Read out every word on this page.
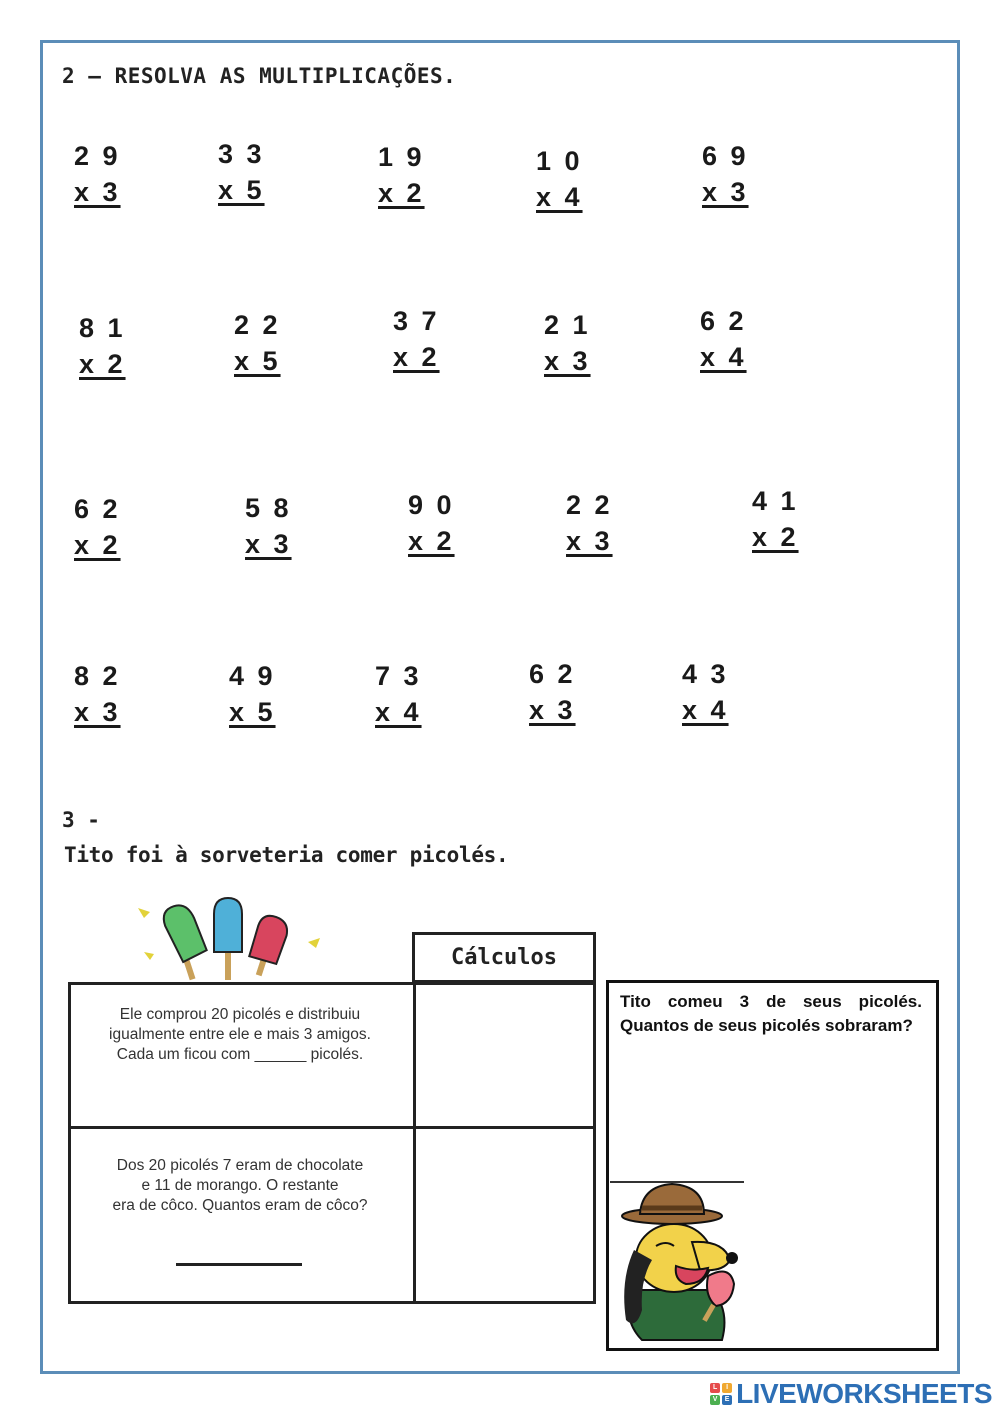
2 – RESOLVA AS MULTIPLICAÇÕES.
2 9
x 3
3 3
x 5
1 9
x 2
1 0
x 4
6 9
x 3
8 1
x 2
2 2
x 5
3 7
x 2
2 1
x 3
6 2
x 4
6 2
x 2
5 8
x 3
9 0
x 2
2 2
x 3
4 1
x 2
8 2
x 3
4 9
x 5
7 3
x 4
6 2
x 3
4 3
x 4
3 -
Tito foi à sorveteria comer picolés.
Cálculos
Ele comprou 20 picolés e distribuiu
igualmente entre ele e mais 3 amigos.
Cada um ficou com ______ picolés.
Dos 20 picolés 7 eram de chocolate
e 11 de morango. O restante
era de côco. Quantos eram de côco?
Tito comeu 3 de seus picolés. Quantos de seus picolés sobraram?
L	I
V	E LIVEWORKSHEETS
